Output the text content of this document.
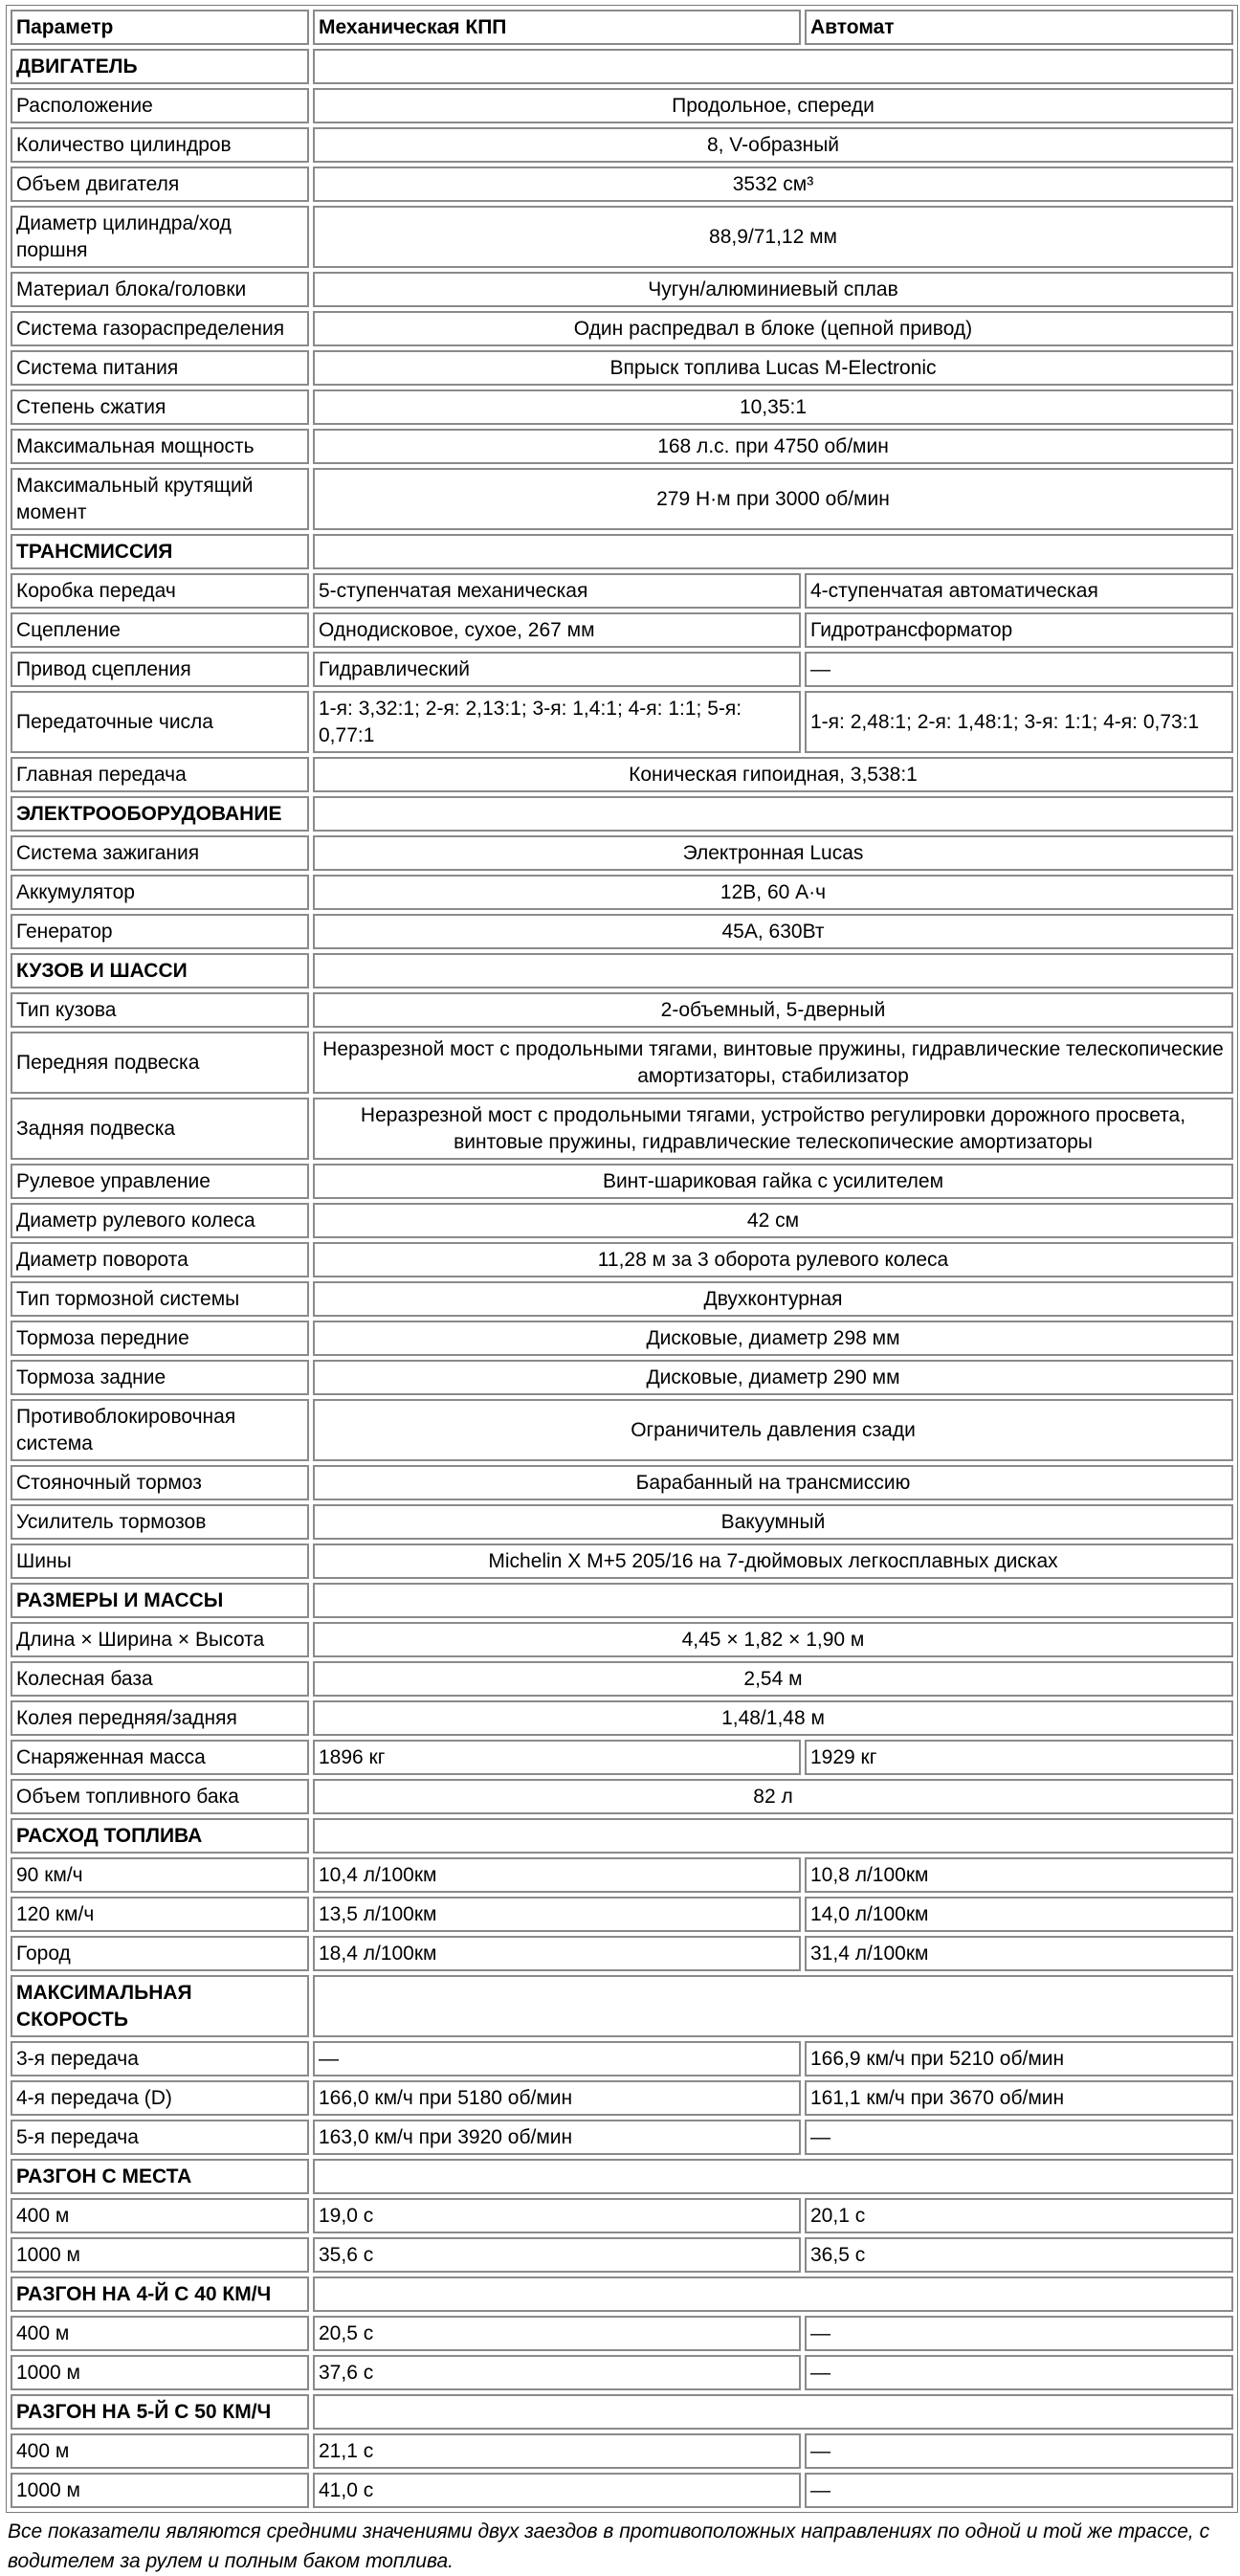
Параметр	Механическая КПП	Автомат
ДВИГАТЕЛЬ		
Расположение	Продольное, спереди	
Количество цилиндров	8, V-образный	
Объем двигателя	3532 см³	
Диаметр цилиндра/ход поршня	88,9/71,12 мм	
Материал блока/головки	Чугун/алюминиевый сплав	
Система газораспределения	Один распредвал в блоке (цепной привод)	
Система питания	Впрыск топлива Lucas M-Electronic	
Степень сжатия	10,35:1	
Максимальная мощность	168 л.с. при 4750 об/мин	
Максимальный крутящий момент	279 Н·м при 3000 об/мин	
ТРАНСМИССИЯ		
Коробка передач	5-ступенчатая механическая	4-ступенчатая автоматическая
Сцепление	Однодисковое, сухое, 267 мм	Гидротрансформатор
Привод сцепления	Гидравлический	—
Передаточные числа	1-я: 3,32:1; 2-я: 2,13:1; 3-я: 1,4:1; 4-я: 1:1; 5-я: 0,77:1	1-я: 2,48:1; 2-я: 1,48:1; 3-я: 1:1; 4-я: 0,73:1
Главная передача	Коническая гипоидная, 3,538:1	
ЭЛЕКТРООБОРУДОВАНИЕ		
Система зажигания	Электронная Lucas	
Аккумулятор	12В, 60 А·ч	
Генератор	45А, 630Вт	
КУЗОВ И ШАССИ		
Тип кузова	2-объемный, 5-дверный	
Передняя подвеска	Неразрезной мост с продольными тягами, винтовые пружины, гидравлические телескопические амортизаторы, стабилизатор	
Задняя подвеска	Неразрезной мост с продольными тягами, устройство регулировки дорожного просвета, винтовые пружины, гидравлические телескопические амортизаторы	
Рулевое управление	Винт-шариковая гайка с усилителем	
Диаметр рулевого колеса	42 см	
Диаметр поворота	11,28 м за 3 оборота рулевого колеса	
Тип тормозной системы	Двухконтурная	
Тормоза передние	Дисковые, диаметр 298 мм	
Тормоза задние	Дисковые, диаметр 290 мм	
Противоблокировочная система	Ограничитель давления сзади	
Стояночный тормоз	Барабанный на трансмиссию	
Усилитель тормозов	Вакуумный	
Шины	Michelin X M+5 205/16 на 7-дюймовых легкосплавных дисках	
РАЗМЕРЫ И МАССЫ		
Длина × Ширина × Высота	4,45 × 1,82 × 1,90 м	
Колесная база	2,54 м	
Колея передняя/задняя	1,48/1,48 м	
Снаряженная масса	1896 кг	1929 кг
Объем топливного бака	82 л	
РАСХОД ТОПЛИВА		
90 км/ч	10,4 л/100км	10,8 л/100км
120 км/ч	13,5 л/100км	14,0 л/100км
Город	18,4 л/100км	31,4 л/100км
МАКСИМАЛЬНАЯ СКОРОСТЬ		
3-я передача	—	166,9 км/ч при 5210 об/мин
4-я передача (D)	166,0 км/ч при 5180 об/мин	161,1 км/ч при 3670 об/мин
5-я передача	163,0 км/ч при 3920 об/мин	—
РАЗГОН С МЕСТА		
400 м	19,0 с	20,1 с
1000 м	35,6 с	36,5 с
РАЗГОН НА 4-Й С 40 КМ/Ч		
400 м	20,5 с	—
1000 м	37,6 с	—
РАЗГОН НА 5-Й С 50 КМ/Ч		
400 м	21,1 с	—
1000 м	41,0 с	—

Все показатели являются средними значениями двух заездов в противоположных направлениях по одной и той же трассе, с водителем за рулем и полным баком топлива.
